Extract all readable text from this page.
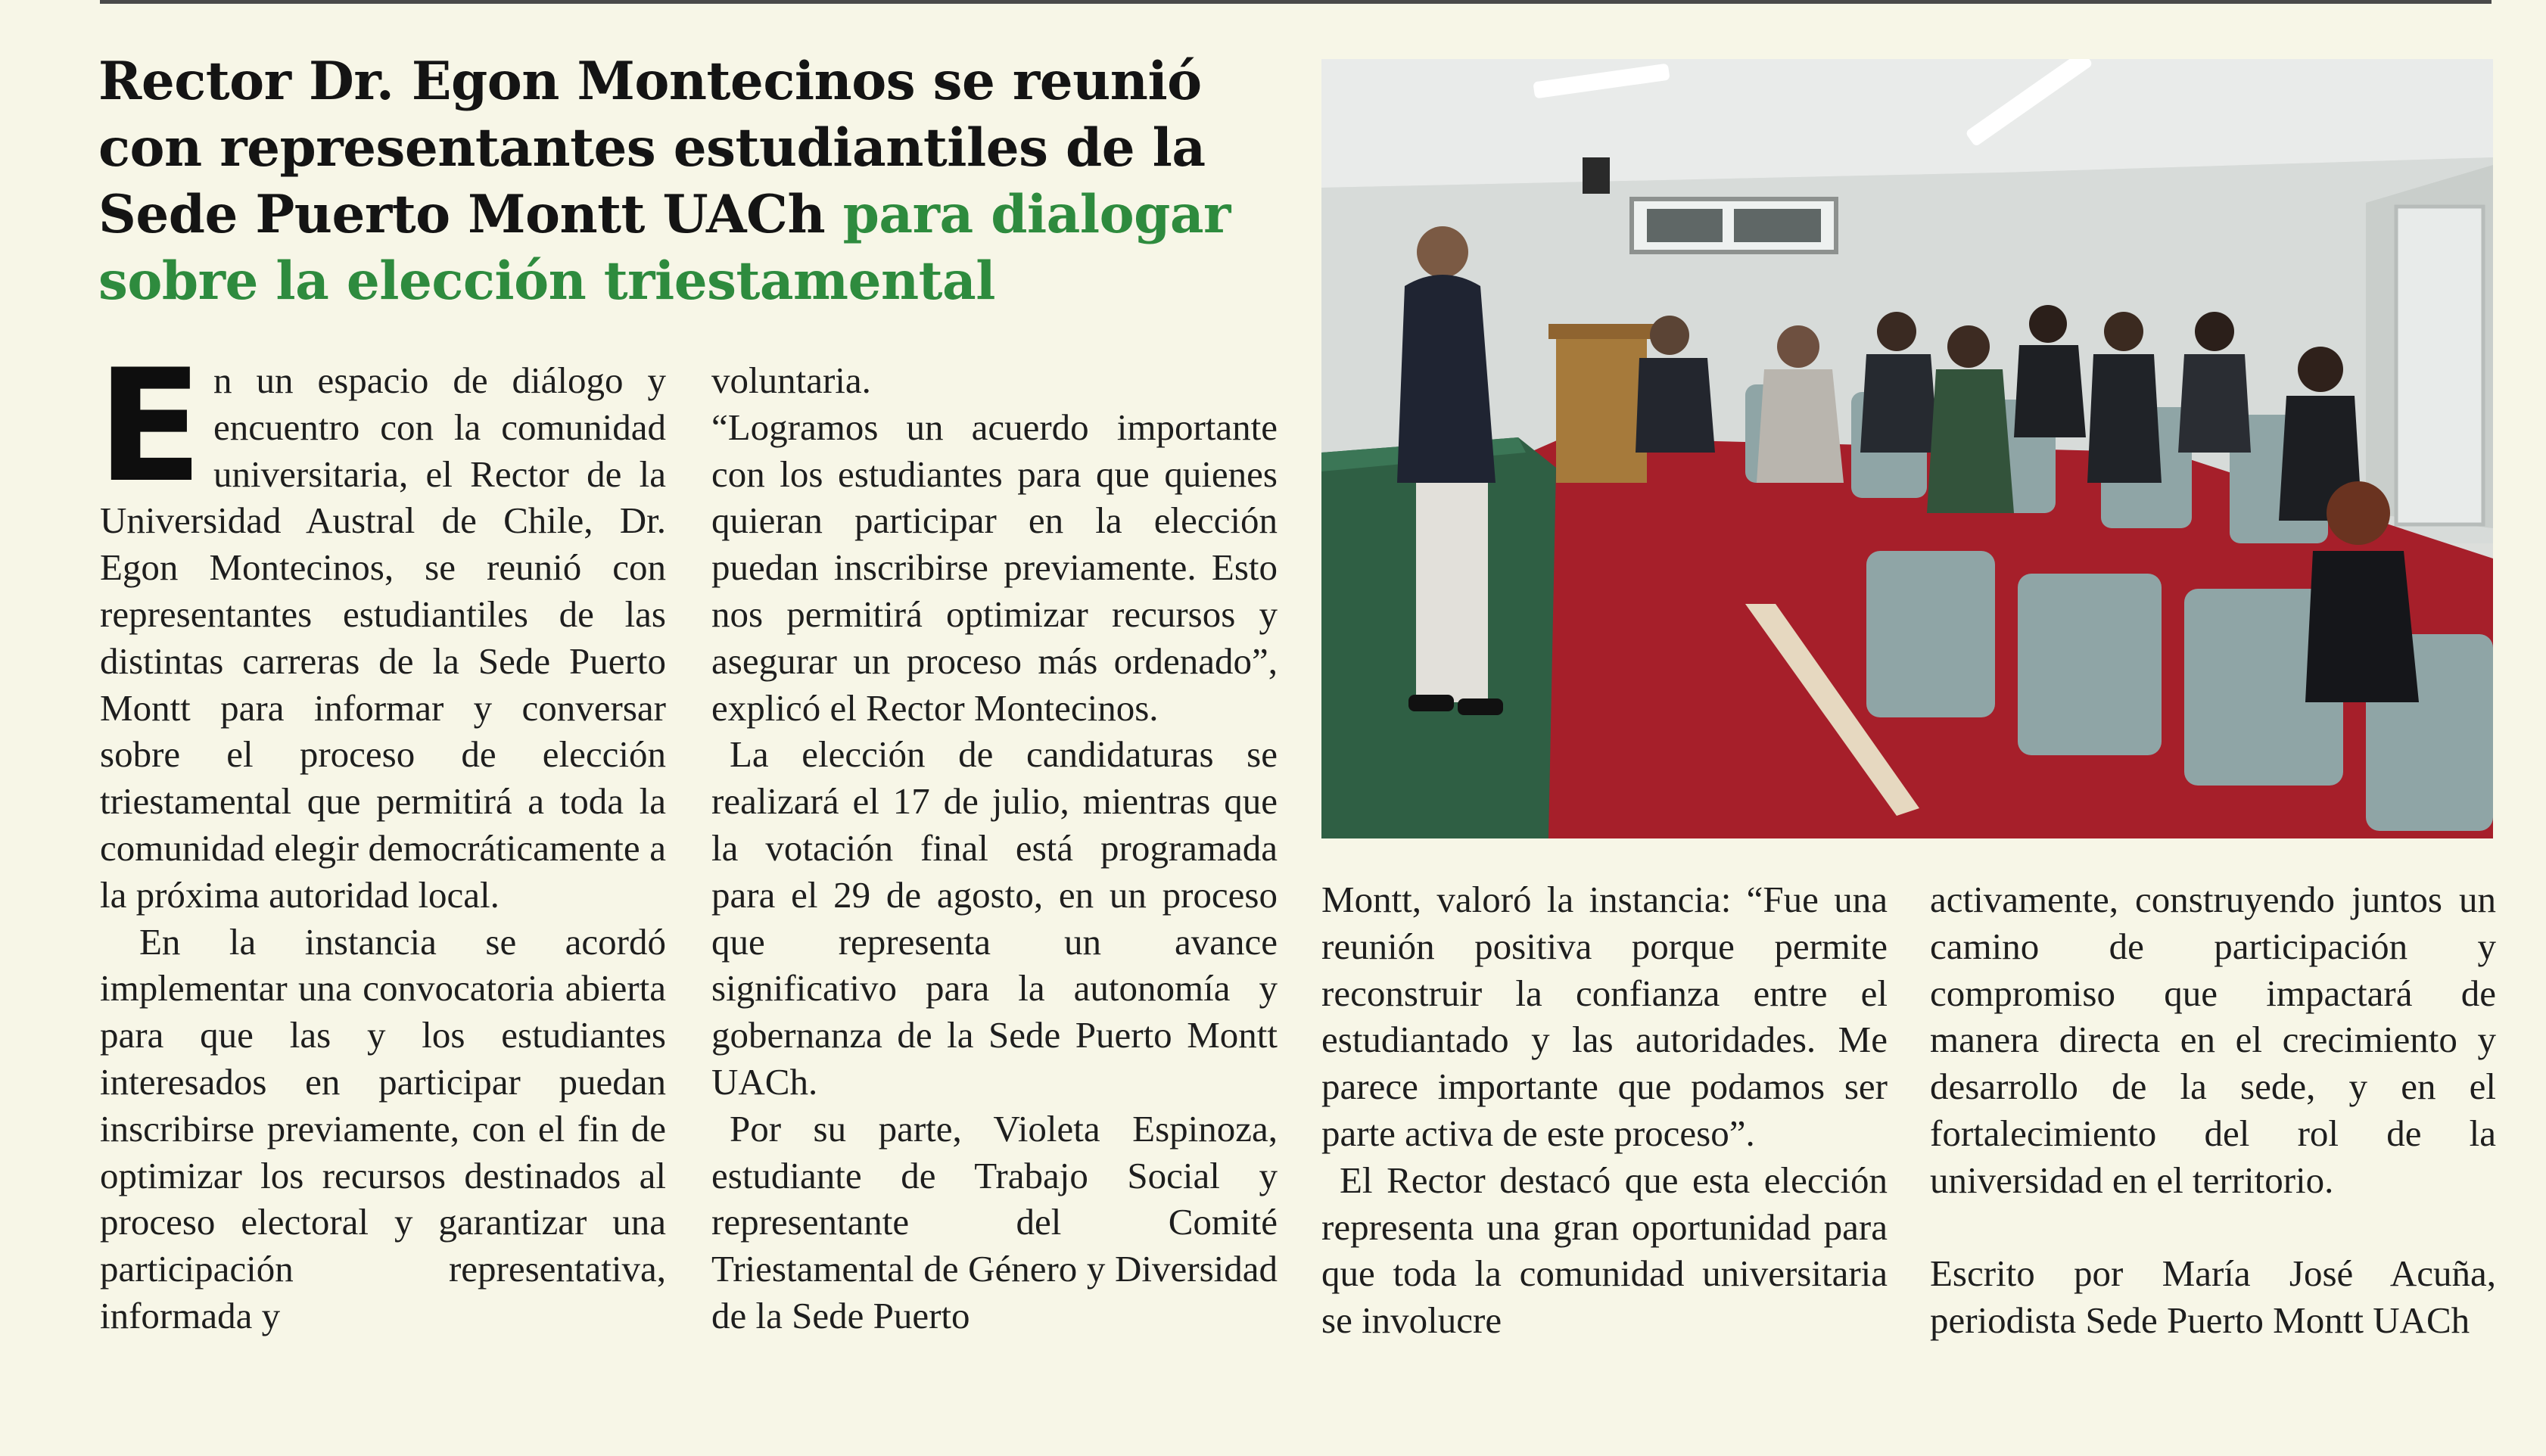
Rector Dr. Egon Montecinos se reunió con representantes estudiantiles de la Sede Puerto Montt UACh para dialogar sobre la elección triestamental

En un espacio de diálogo y encuentro con la comunidad universitaria, el Rector de la Universidad Austral de Chile, Dr. Egon Montecinos, se reunió con representantes estudiantiles de las distintas carreras de la Sede Puerto Montt para informar y conversar sobre el proceso de elección triestamental que permitirá a toda la comunidad elegir democráticamente a la próxima autoridad local.

En la instancia se acordó implementar una convocatoria abierta para que las y los estudiantes interesados en participar puedan inscribirse previamente, con el fin de optimizar los recursos destinados al proceso electoral y garantizar una participación representativa, informada y

voluntaria.

“Logramos un acuerdo importante con los estudiantes para que quienes quieran participar en la elección puedan inscribirse previamente. Esto nos permitirá optimizar recursos y asegurar un proceso más ordenado”, explicó el Rector Montecinos.

La elección de candidaturas se realizará el 17 de julio, mientras que la votación final está programada para el 29 de agosto, en un proceso que representa un avance significativo para la autonomía y gobernanza de la Sede Puerto Montt UACh.

Por su parte, Violeta Espinoza, estudiante de Trabajo Social y representante del Comité Triestamental de Género y Diversidad de la Sede Puerto

Montt, valoró la instancia: “Fue una reunión positiva porque permite reconstruir la confianza entre el estudiantado y las autoridades. Me parece importante que podamos ser parte activa de este proceso”.

El Rector destacó que esta elección representa una gran oportunidad para que toda la comunidad universitaria se involucre

activamente, construyendo juntos un camino de participación y compromiso que impactará de manera directa en el crecimiento y desarrollo de la sede, y en el fortalecimiento del rol de la universidad en el territorio.

Escrito por María José Acuña, periodista Sede Puerto Montt UACh
